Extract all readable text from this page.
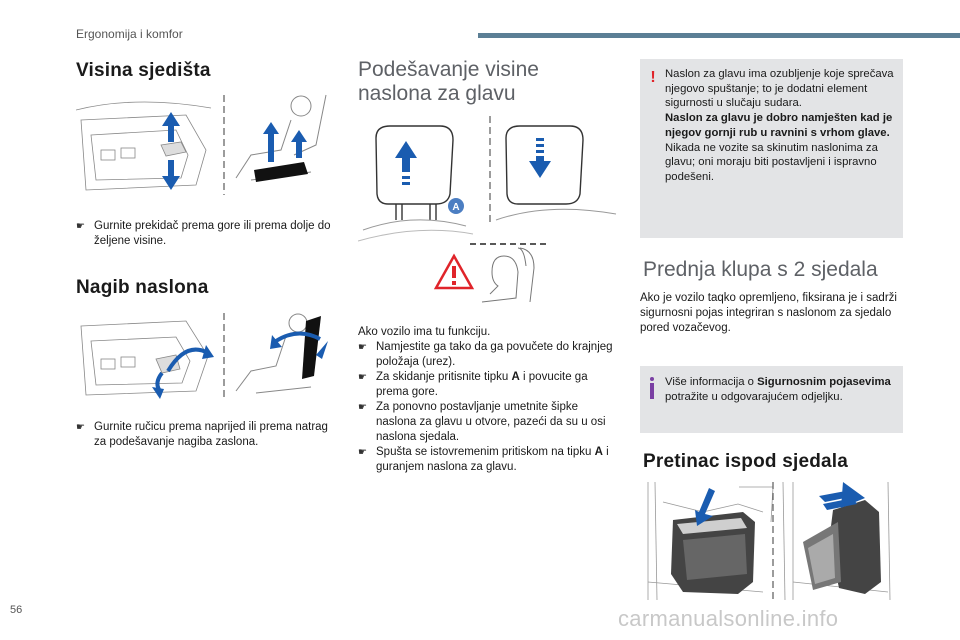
Ergonomija i komfor
Visina sjedišta
☛ Gurnite prekidač prema gore ili prema dolje do željene visine.
Nagib naslona
☛ Gurnite ručicu prema naprijed ili prema natrag za podešavanje nagiba zaslona.
Podešavanje visine
naslona za glavu
A
Ako vozilo ima tu funkciju.
☛ Namjestite ga tako da ga povučete do krajnjeg položaja (urez).
☛ Za skidanje pritisnite tipku A i povucite ga prema gore.
☛ Za ponovno postavljanje umetnite šipke naslona za glavu u otvore, pazeći da su u osi naslona sjedala.
☛ Spušta se istovremenim pritiskom na tipku A i guranjem naslona za glavu.
! Naslon za glavu ima ozubljenje koje sprečava njegovo spuštanje; to je dodatni element sigurnosti u slučaju sudara.
Naslon za glavu je dobro namješten kad je njegov gornji rub u ravnini s vrhom glave.
Nikada ne vozite sa skinutim naslonima za glavu; oni moraju biti postavljeni i ispravno podešeni.
Prednja klupa s 2 sjedala
Ako je vozilo taqko opremljeno, fiksirana je i sadrži sigurnosni pojas integriran s naslonom za sjedalo pored vozačevog.
Više informacija o Sigurnosnim pojasevima potražite u odgovarajućem odjeljku.
Pretinac ispod sjedala
56	carmanualsonline.info
